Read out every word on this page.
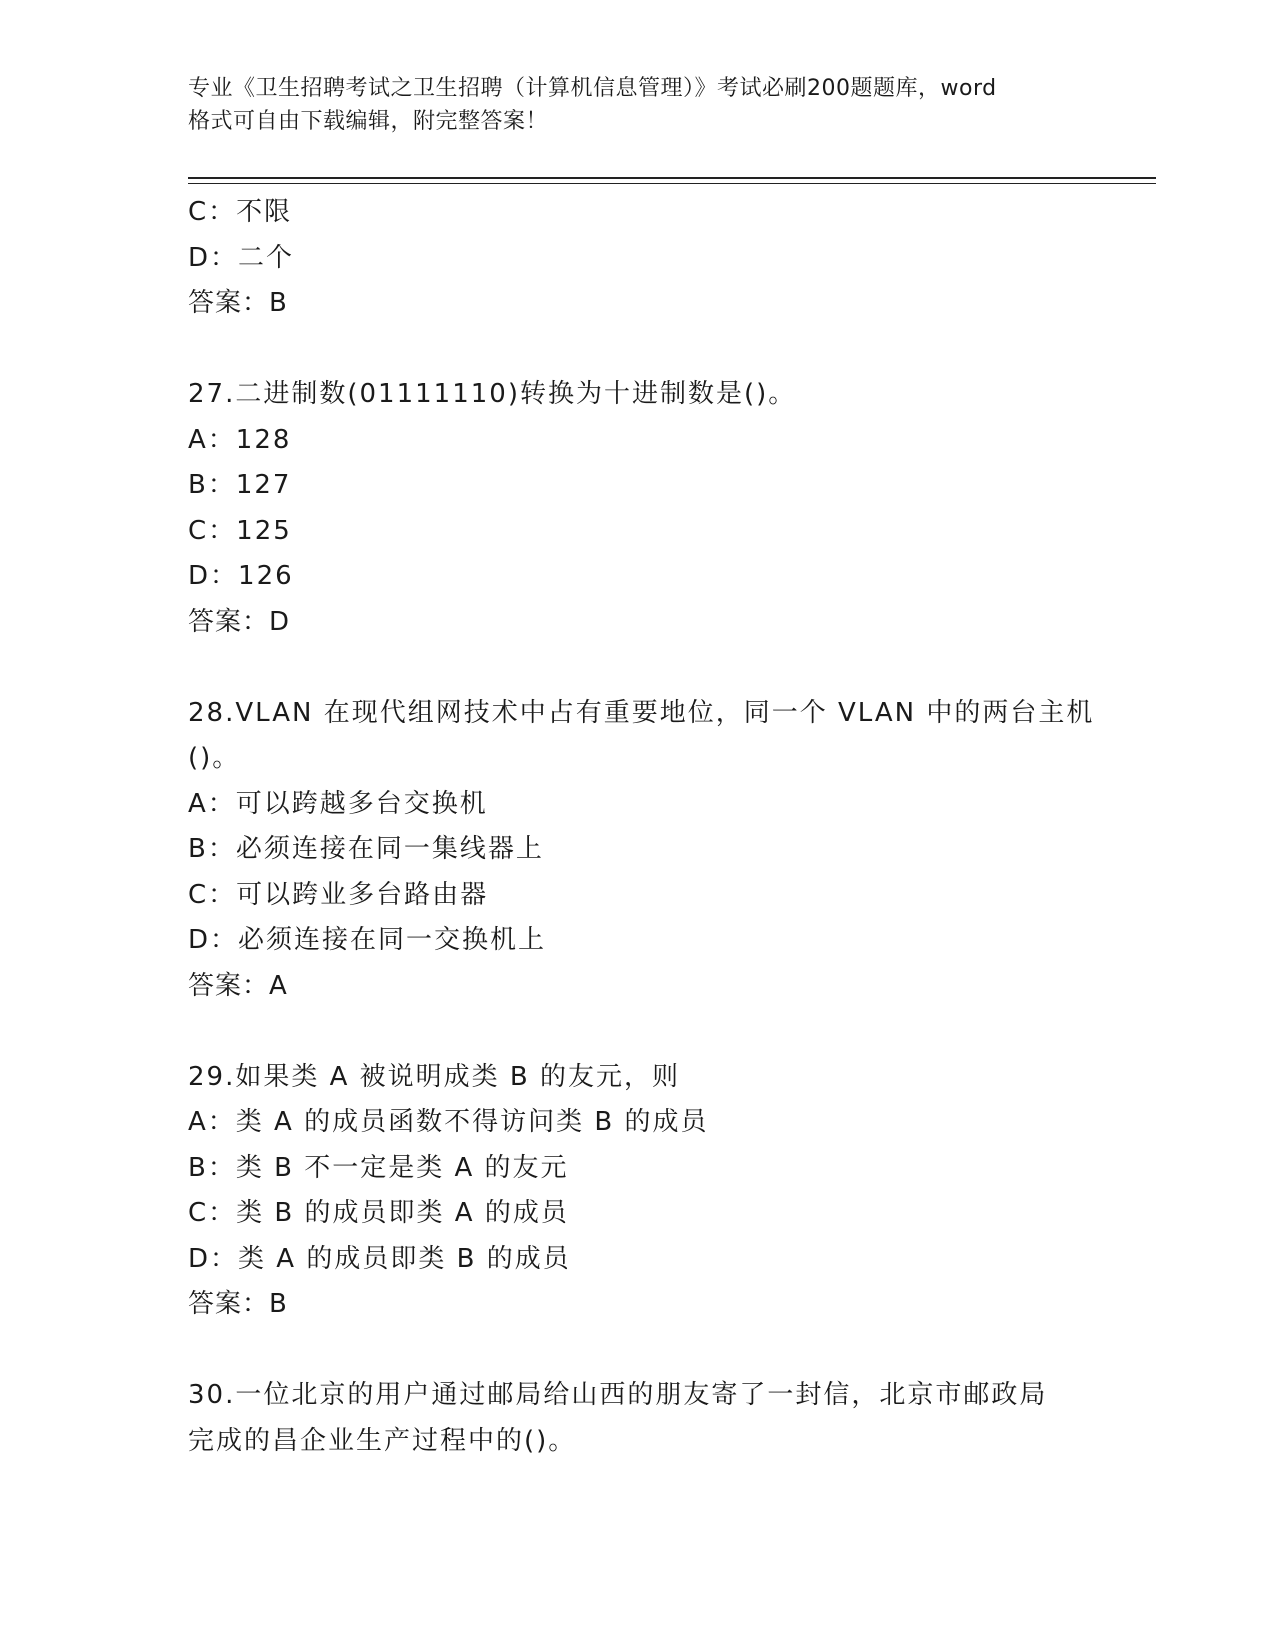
专业《卫生招聘考试之卫生招聘（计算机信息管理）》考试必刷200题题库，word
格式可自由下载编辑，附完整答案！
C：不限
D：二个
答案：B
27.二进制数(01111110)转换为十进制数是()。
A：128
B：127
C：125
D：126
答案：D
28.VLAN 在现代组网技术中占有重要地位，同一个 VLAN 中的两台主机
()。
A：可以跨越多台交换机
B：必须连接在同一集线器上
C：可以跨业多台路由器
D：必须连接在同一交换机上
答案：A
29.如果类 A 被说明成类 B 的友元，则
A：类 A 的成员函数不得访问类 B 的成员
B：类 B 不一定是类 A 的友元
C：类 B 的成员即类 A 的成员
D：类 A 的成员即类 B 的成员
答案：B
30.一位北京的用户通过邮局给山西的朋友寄了一封信，北京市邮政局
完成的昌企业生产过程中的()。
